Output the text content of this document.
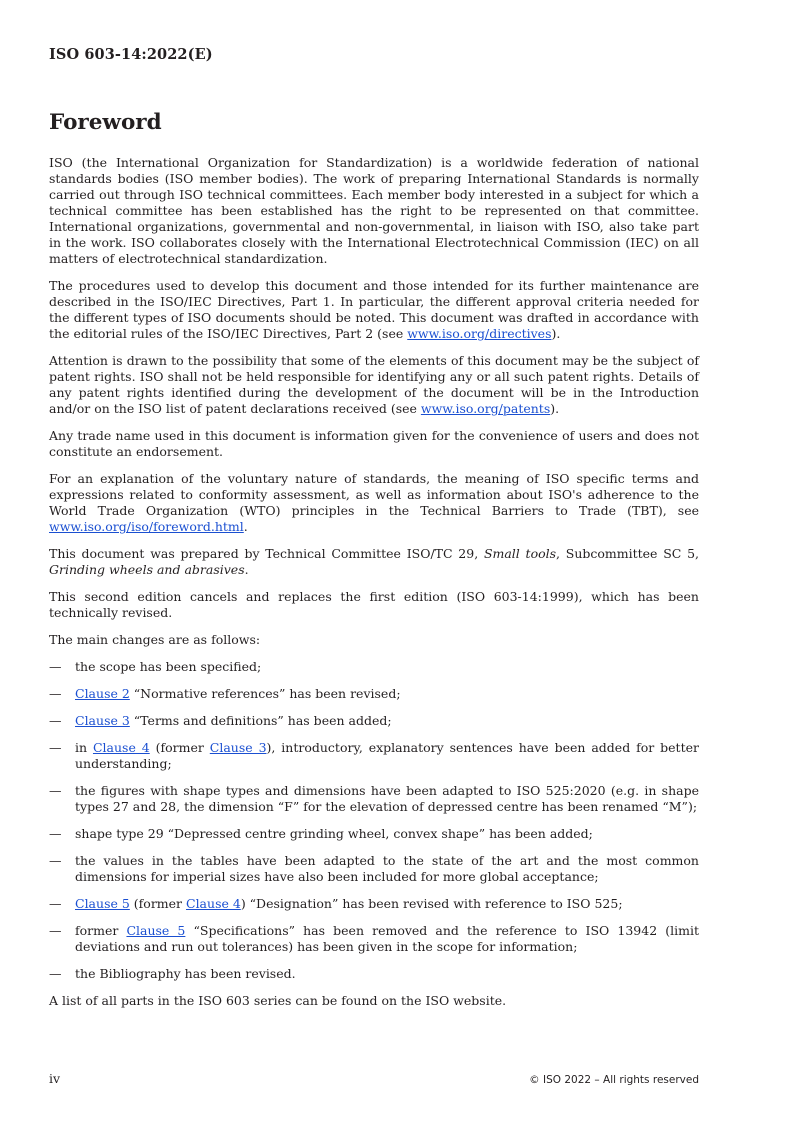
ISO 603-14:2022(E)
Foreword

ISO (the International Organization for Standardization) is a worldwide federation of national standards bodies (ISO member bodies). The work of preparing International Standards is normally carried out through ISO technical committees. Each member body interested in a subject for which a technical committee has been established has the right to be represented on that committee. International organizations, governmental and non-governmental, in liaison with ISO, also take part in the work. ISO collaborates closely with the International Electrotechnical Commission (IEC) on all matters of electrotechnical standardization.

The procedures used to develop this document and those intended for its further maintenance are described in the ISO/IEC Directives, Part 1. In particular, the different approval criteria needed for the different types of ISO documents should be noted. This document was drafted in accordance with the editorial rules of the ISO/IEC Directives, Part 2 (see www.iso.org/directives).

Attention is drawn to the possibility that some of the elements of this document may be the subject of patent rights. ISO shall not be held responsible for identifying any or all such patent rights. Details of any patent rights identified during the development of the document will be in the Introduction and/or on the ISO list of patent declarations received (see www.iso.org/patents).

Any trade name used in this document is information given for the convenience of users and does not constitute an endorsement.

For an explanation of the voluntary nature of standards, the meaning of ISO specific terms and expressions related to conformity assessment, as well as information about ISO's adherence to the World Trade Organization (WTO) principles in the Technical Barriers to Trade (TBT), see www.iso.org/iso/foreword.html.

This document was prepared by Technical Committee ISO/TC 29, Small tools, Subcommittee SC 5, Grinding wheels and abrasives.

This second edition cancels and replaces the first edition (ISO 603-14:1999), which has been technically revised.

The main changes are as follows:

— the scope has been specified;
— Clause 2 “Normative references” has been revised;
— Clause 3 “Terms and definitions” has been added;
— in Clause 4 (former Clause 3), introductory, explanatory sentences have been added for better understanding;
— the figures with shape types and dimensions have been adapted to ISO 525:2020 (e.g. in shape types 27 and 28, the dimension “F” for the elevation of depressed centre has been renamed “M”);
— shape type 29 “Depressed centre grinding wheel, convex shape” has been added;
— the values in the tables have been adapted to the state of the art and the most common dimensions for imperial sizes have also been included for more global acceptance;
— Clause 5 (former Clause 4) “Designation” has been revised with reference to ISO 525;
— former Clause 5 “Specifications” has been removed and the reference to ISO 13942 (limit deviations and run out tolerances) has been given in the scope for information;
— the Bibliography has been revised.

A list of all parts in the ISO 603 series can be found on the ISO website.

iv	© ISO 2022 – All rights reserved
